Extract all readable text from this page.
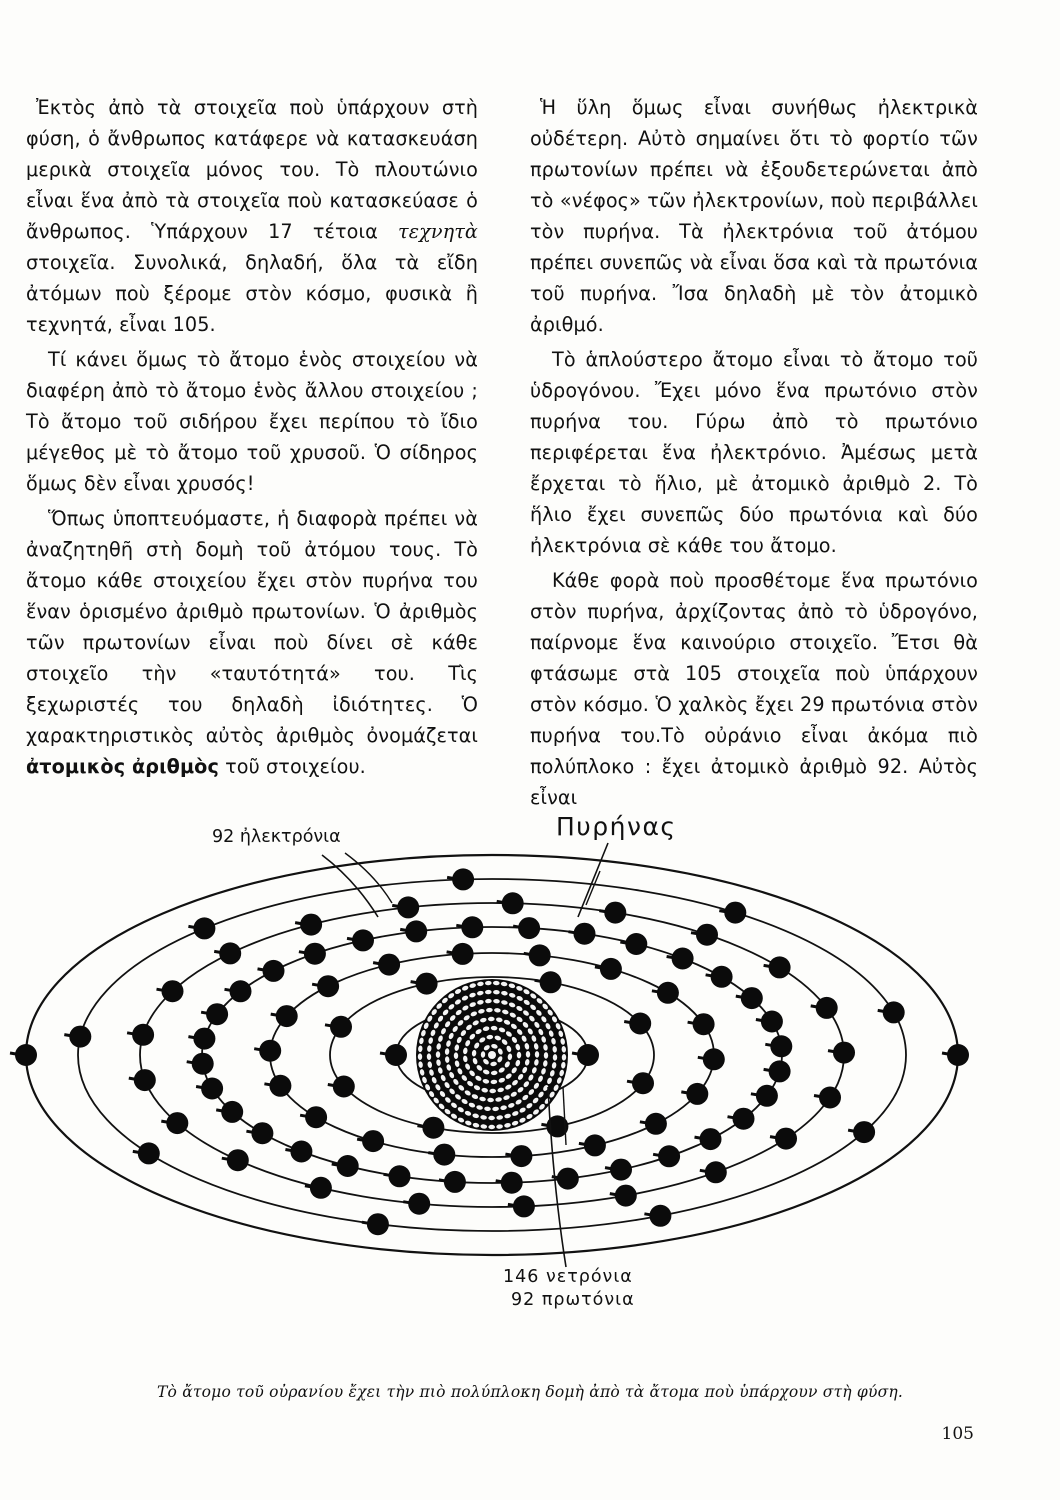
Ἐκτὸς ἀπὸ τὰ στοιχεῖα ποὺ ὑπάρχουν στὴ φύση, ὁ ἄνθρωπος κατάφερε νὰ κατασκευάση μερικὰ στοιχεῖα μόνος του. Τὸ πλουτώνιο εἶναι ἕνα ἀπὸ τὰ στοιχεῖα ποὺ κατασκεύασε ὁ ἄνθρωπος. Ὑπάρχουν 17 τέτοια τεχνητὰ στοιχεῖα. Συνολικά, δηλαδή, ὅλα τὰ εἴδη ἀτόμων ποὺ ξέρομε στὸν κόσμο, φυσικὰ ἢ τεχνητά, εἶναι 105.

Τί κάνει ὅμως τὸ ἄτομο ἑνὸς στοιχείου νὰ διαφέρη ἀπὸ τὸ ἄτομο ἑνὸς ἄλλου στοιχείου ; Τὸ ἄτομο τοῦ σιδήρου ἔχει περίπου τὸ ἴδιο μέγεθος μὲ τὸ ἄτομο τοῦ χρυσοῦ. Ὁ σίδηρος ὅμως δὲν εἶναι χρυσός!

Ὅπως ὑποπτευόμαστε, ἡ διαφορὰ πρέπει νὰ ἀναζητηθῆ στὴ δομὴ τοῦ ἀτόμου τους. Τὸ ἄτομο κάθε στοιχείου ἔχει στὸν πυρήνα του ἕναν ὁρισμένο ἀριθμὸ πρωτονίων. Ὁ ἀριθμὸς τῶν πρωτονίων εἶναι ποὺ δίνει σὲ κάθε στοιχεῖο τὴν «ταυτότητά» του. Τὶς ξεχωριστές του δηλαδὴ ἰδιότητες. Ὁ χαρακτηριστικὸς αὐτὸς ἀριθμὸς ὀνομάζεται ἀτομικὸς ἀριθμὸς τοῦ στοιχείου.

Ἡ ὕλη ὅμως εἶναι συνήθως ἠλεκτρικὰ οὐδέτερη. Αὐτὸ σημαίνει ὅτι τὸ φορτίο τῶν πρωτονίων πρέπει νὰ ἐξουδετερώνεται ἀπὸ τὸ «νέφος» τῶν ἠλεκτρονίων, ποὺ περιβάλλει τὸν πυρήνα. Τὰ ἠλεκτρόνια τοῦ ἀτόμου πρέπει συνεπῶς νὰ εἶναι ὅσα καὶ τὰ πρωτόνια τοῦ πυρήνα. Ἴσα δηλαδὴ μὲ τὸν ἀτομικὸ ἀριθμό.

Τὸ ἁπλούστερο ἄτομο εἶναι τὸ ἄτομο τοῦ ὑδρογόνου. Ἔχει μόνο ἕνα πρωτόνιο στὸν πυρήνα του. Γύρω ἀπὸ τὸ πρωτόνιο περιφέρεται ἕνα ἠλεκτρόνιο. Ἀμέσως μετὰ ἔρχεται τὸ ἥλιο, μὲ ἀτομικὸ ἀριθμὸ 2. Τὸ ἥλιο ἔχει συνεπῶς δύο πρωτόνια καὶ δύο ἠλεκτρόνια σὲ κάθε του ἄτομο.

Κάθε φορὰ ποὺ προσθέτομε ἕνα πρωτόνιο στὸν πυρήνα, ἀρχίζοντας ἀπὸ τὸ ὑδρογόνο, παίρνομε ἕνα καινούριο στοιχεῖο. Ἔτσι θὰ φτάσωμε στὰ 105 στοιχεῖα ποὺ ὑπάρχουν στὸν κόσμο. Ὁ χαλκὸς ἔχει 29 πρωτόνια στὸν πυρήνα του.Τὸ οὐράνιο εἶναι ἀκόμα πιὸ πολύπλοκο : ἔχει ἀτομικὸ ἀριθμὸ 92. Αὐτὸς εἶναι

92 ἠλεκτρόνια	Πυρήνας
146 νετρόνια
92 πρωτόνια
Τὸ ἄτομο τοῦ οὐρανίου ἔχει τὴν πιὸ πολύπλοκη δομὴ ἀπὸ τὰ ἄτομα ποὺ ὑπάρχουν στὴ φύση.
105
